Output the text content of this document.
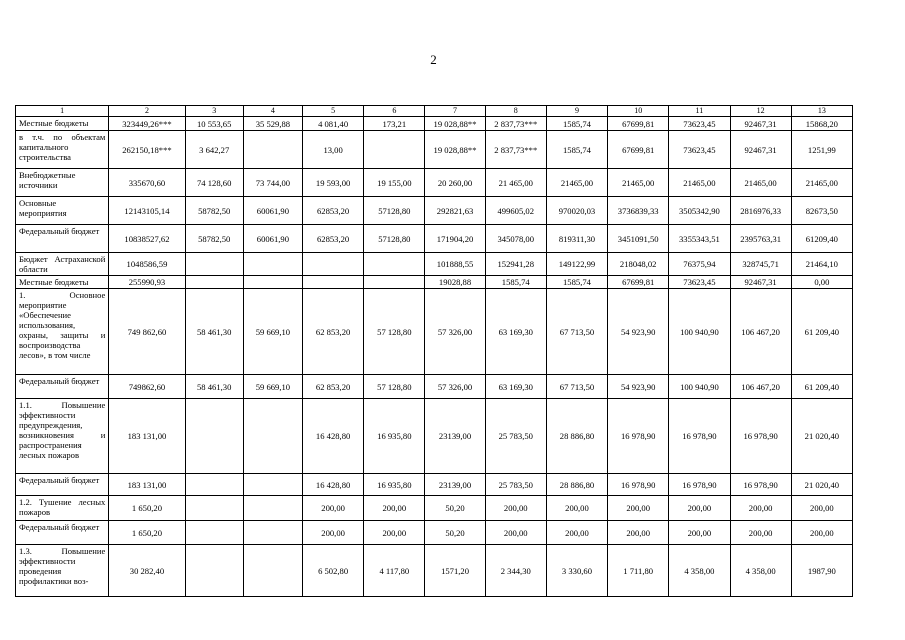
2
1	2	3	4	5	6	7	8	9	10	11	12	13
Местные бюджеты	323449,26***	10 553,65	35 529,88	4 081,40	173,21	19 028,88**	2 837,73***	1585,74	67699,81	73623,45	92467,31	15868,20
в т.ч. по объектам капитального строительства	262150,18***	3 642,27		13,00		19 028,88**	2 837,73***	1585,74	67699,81	73623,45	92467,31	1251,99
Внебюджетные источники	335670,60	74 128,60	73 744,00	19 593,00	19 155,00	20 260,00	21 465,00	21465,00	21465,00	21465,00	21465,00	21465,00
Основные мероприятия	12143105,14	58782,50	60061,90	62853,20	57128,80	292821,63	499605,02	970020,03	3736839,33	3505342,90	2816976,33	82673,50
Федеральный бюджет	10838527,62	58782,50	60061,90	62853,20	57128,80	171904,20	345078,00	819311,30	3451091,50	3355343,51	2395763,31	61209,40
Бюджет Астраханской области	1048586,59					101888,55	152941,28	149122,99	218048,02	76375,94	328745,71	21464,10
Местные бюджеты	255990,93					19028,88	1585,74	1585,74	67699,81	73623,45	92467,31	0,00
1. Основное мероприятие «Обеспечение использования, охраны, защиты и воспроизводства лесов», в том числе	749 862,60	58 461,30	59 669,10	62 853,20	57 128,80	57 326,00	63 169,30	67 713,50	54 923,90	100 940,90	106 467,20	61 209,40
Федеральный бюджет	749862,60	58 461,30	59 669,10	62 853,20	57 128,80	57 326,00	63 169,30	67 713,50	54 923,90	100 940,90	106 467,20	61 209,40
1.1. Повышение эффективности предупреждения, возникновения и распространения лесных пожаров	183 131,00			16 428,80	16 935,80	23139,00	25 783,50	28 886,80	16 978,90	16 978,90	16 978,90	21 020,40
Федеральный бюджет	183 131,00			16 428,80	16 935,80	23139,00	25 783,50	28 886,80	16 978,90	16 978,90	16 978,90	21 020,40
1.2. Тушение лесных пожаров	1 650,20			200,00	200,00	50,20	200,00	200,00	200,00	200,00	200,00	200,00
Федеральный бюджет	1 650,20			200,00	200,00	50,20	200,00	200,00	200,00	200,00	200,00	200,00
1.3. Повышение эффективности проведения профилактики воз-	30 282,40			6 502,80	4 117,80	1571,20	2 344,30	3 330,60	1 711,80	4 358,00	4 358,00	1987,90
